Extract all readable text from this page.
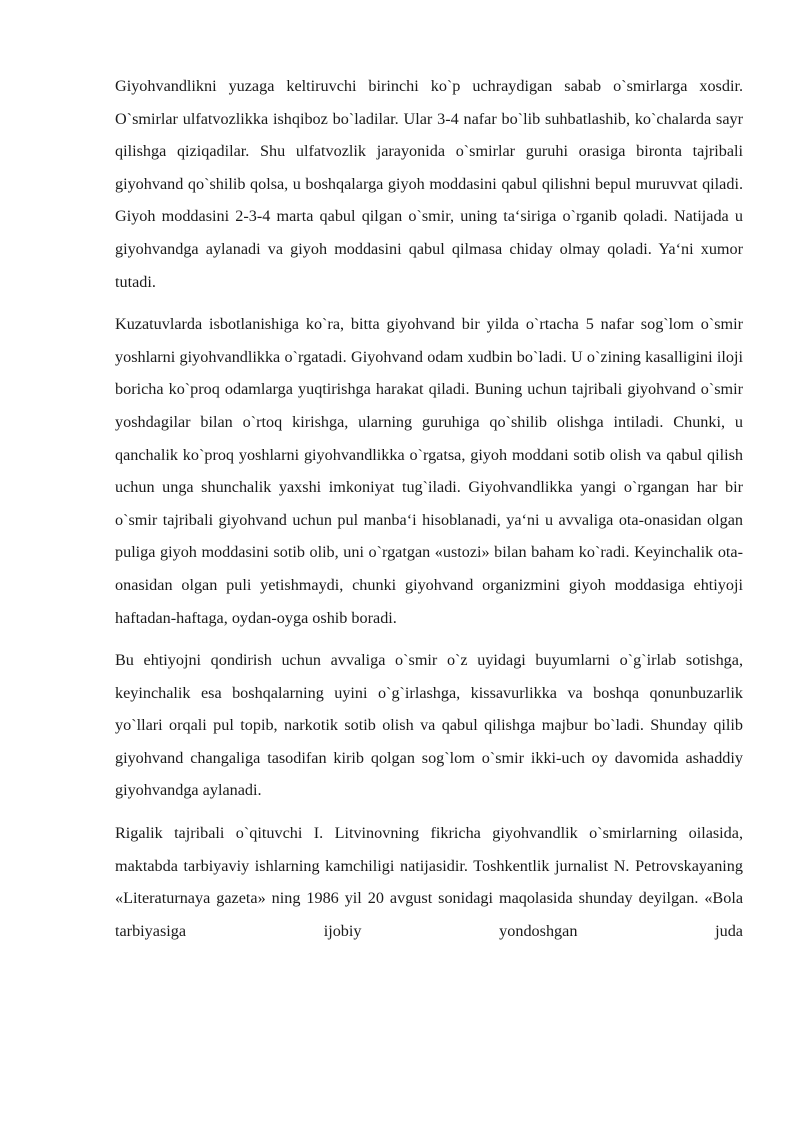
Giyohvandlikni yuzaga keltiruvchi birinchi ko`p uchraydigan sabab o`smirlarga xosdir. O`smirlar ulfatvozlikka ishqiboz bo`ladilar. Ular 3-4 nafar bo`lib suhbatlashib, ko`chalarda sayr qilishga qiziqadilar. Shu ulfatvozlik jarayonida o`smirlar guruhi orasiga bironta tajribali giyohvand qo`shilib qolsa, u boshqalarga giyoh moddasini qabul qilishni bepul muruvvat qiladi. Giyoh moddasini 2-3-4 marta qabul qilgan o`smir, uning ta‘siriga o`rganib qoladi. Natijada u giyohvandga aylanadi va giyoh moddasini qabul qilmasa chiday olmay qoladi. Ya‘ni xumor tutadi.

Kuzatuvlarda isbotlanishiga ko`ra, bitta giyohvand bir yilda o`rtacha 5 nafar sog`lom o`smir yoshlarni giyohvandlikka o`rgatadi. Giyohvand odam xudbin bo`ladi. U o`zining kasalligini iloji boricha ko`proq odamlarga yuqtirishga harakat qiladi. Buning uchun tajribali giyohvand o`smir yoshdagilar bilan o`rtoq kirishga, ularning guruhiga qo`shilib olishga intiladi. Chunki, u qanchalik ko`proq yoshlarni giyohvandlikka o`rgatsa, giyoh moddani sotib olish va qabul qilish uchun unga shunchalik yaxshi imkoniyat tug`iladi. Giyohvandlikka yangi o`rgangan har bir o`smir tajribali giyohvand uchun pul manba‘i hisoblanadi, ya‘ni u avvaliga ota-onasidan olgan puliga giyoh moddasini sotib olib, uni o`rgatgan «ustozi» bilan baham ko`radi. Keyinchalik ota-onasidan olgan puli yetishmaydi, chunki giyohvand organizmini giyoh moddasiga ehtiyoji haftadan-haftaga, oydan-oyga oshib boradi.

Bu ehtiyojni qondirish uchun avvaliga o`smir o`z uyidagi buyumlarni o`g`irlab sotishga, keyinchalik esa boshqalarning uyini o`g`irlashga, kissavurlikka va boshqa qonunbuzarlik yo`llari orqali pul topib, narkotik sotib olish va qabul qilishga majbur bo`ladi. Shunday qilib giyohvand changaliga tasodifan kirib qolgan sog`lom o`smir ikki-uch oy davomida ashaddiy giyohvandga aylanadi.

Rigalik tajribali o`qituvchi I. Litvinovning fikricha giyohvandlik o`smirlarning oilasida, maktabda tarbiyaviy ishlarning kamchiligi natijasidir. Toshkentlik jurnalist N. Petrovskayaning «Literaturnaya gazeta» ning 1986 yil 20 avgust sonidagi maqolasida shunday deyilgan. «Bola tarbiyasiga ijobiy yondoshgan juda
